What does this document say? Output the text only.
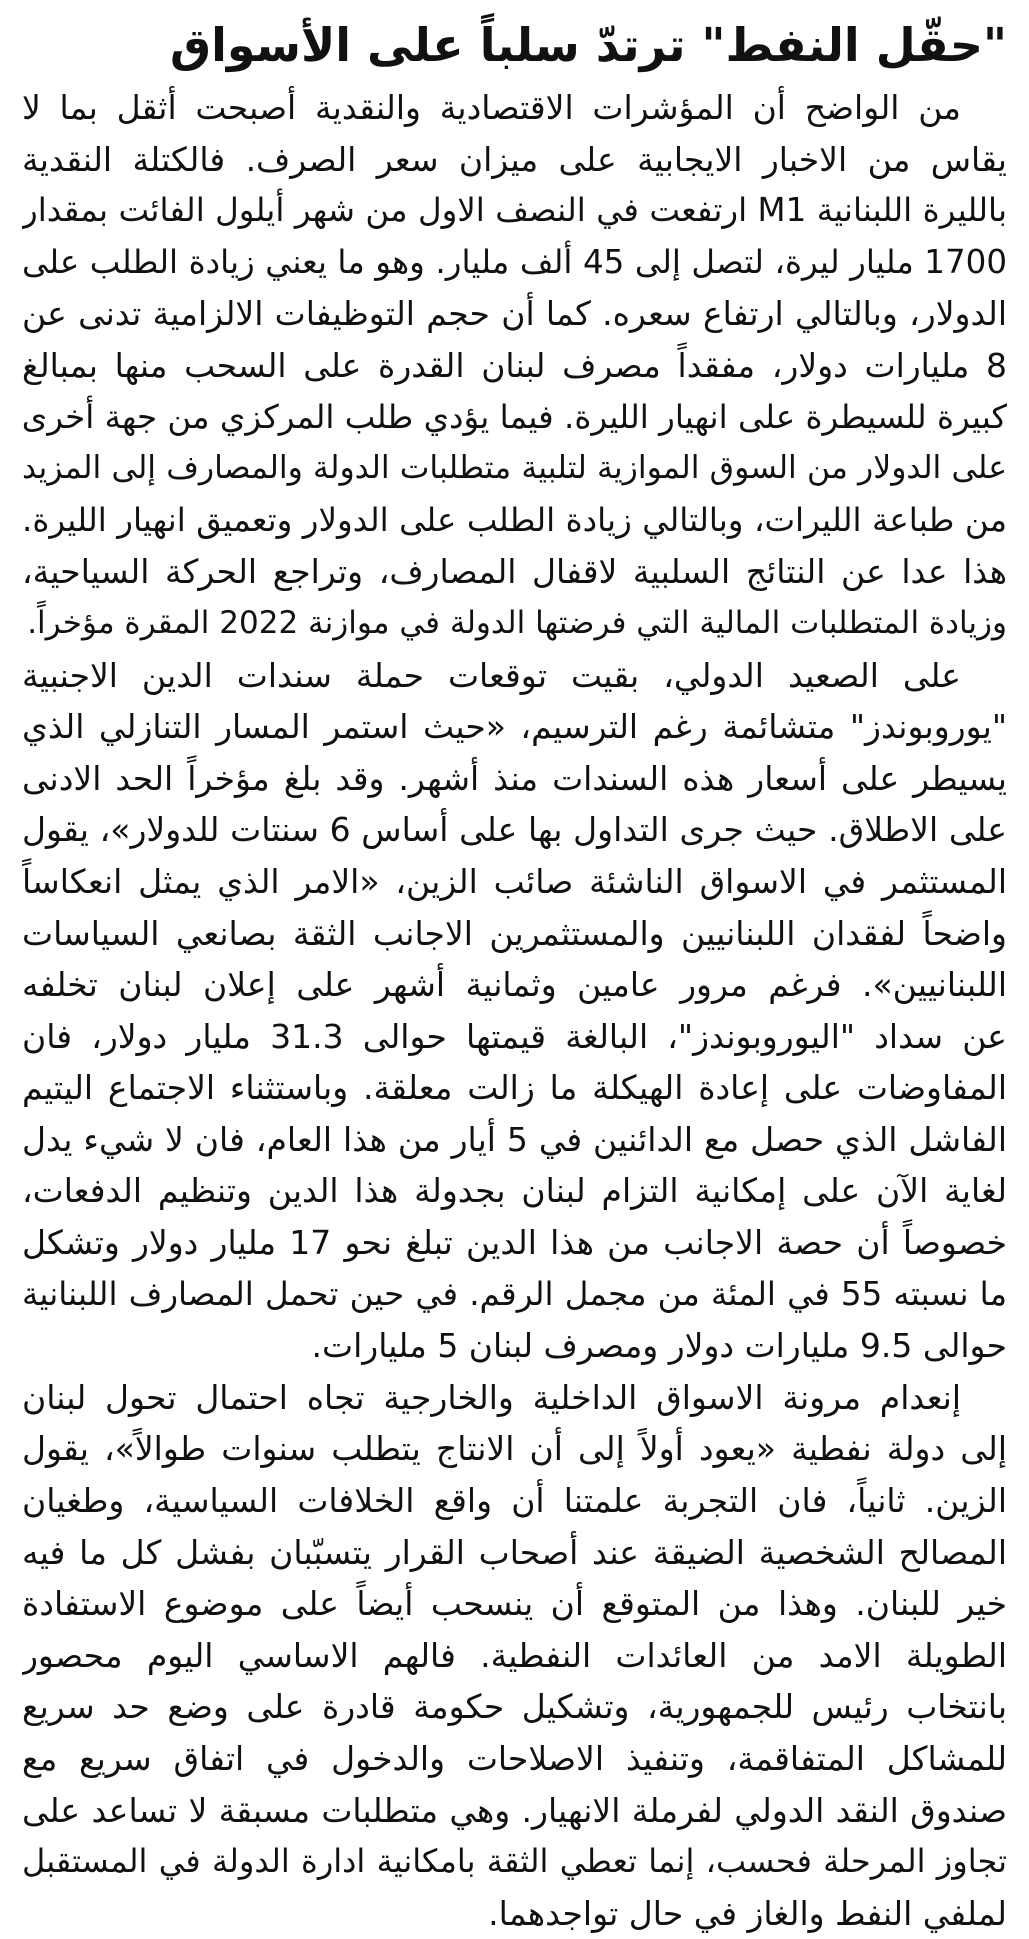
"حقّل النفط" ترتدّ سلباً على الأسواق
من الواضح أن المؤشرات الاقتصادية والنقدية أصبحت أثقل بما لا
يقاس من الاخبار الايجابية على ميزان سعر الصرف. فالكتلة النقدية
بالليرة اللبنانية M1 ارتفعت في النصف الاول من شهر أيلول الفائت بمقدار
1700 مليار ليرة، لتصل إلى 45 ألف مليار. وهو ما يعني زيادة الطلب على
الدولار، وبالتالي ارتفاع سعره. كما أن حجم التوظيفات الالزامية تدنى عن
8 مليارات دولار، مفقداً مصرف لبنان القدرة على السحب منها بمبالغ
كبيرة للسيطرة على انهيار الليرة. فيما يؤدي طلب المركزي من جهة أخرى
على الدولار من السوق الموازية لتلبية متطلبات الدولة والمصارف إلى المزيد
من طباعة الليرات، وبالتالي زيادة الطلب على الدولار وتعميق انهيار الليرة.
هذا عدا عن النتائج السلبية لاقفال المصارف، وتراجع الحركة السياحية،
وزيادة المتطلبات المالية التي فرضتها الدولة في موازنة 2022 المقرة مؤخراً.
على الصعيد الدولي، بقيت توقعات حملة سندات الدين الاجنبية
"يوروبوندز" متشائمة رغم الترسيم، «حيث استمر المسار التنازلي الذي
يسيطر على أسعار هذه السندات منذ أشهر. وقد بلغ مؤخراً الحد الادنى
على الاطلاق. حيث جرى التداول بها على أساس 6 سنتات للدولار»، يقول
المستثمر في الاسواق الناشئة صائب الزين، «الامر الذي يمثل انعكاساً
واضحاً لفقدان اللبنانيين والمستثمرين الاجانب الثقة بصانعي السياسات
اللبنانيين». فرغم مرور عامين وثمانية أشهر على إعلان لبنان تخلفه
عن سداد "اليوروبوندز"، البالغة قيمتها حوالى 31.3 مليار دولار، فان
المفاوضات على إعادة الهيكلة ما زالت معلقة. وباستثناء الاجتماع اليتيم
الفاشل الذي حصل مع الدائنين في 5 أيار من هذا العام، فان لا شيء يدل
لغاية الآن على إمكانية التزام لبنان بجدولة هذا الدين وتنظيم الدفعات،
خصوصاً أن حصة الاجانب من هذا الدين تبلغ نحو 17 مليار دولار وتشكل
ما نسبته 55 في المئة من مجمل الرقم. في حين تحمل المصارف اللبنانية
حوالى 9.5 مليارات دولار ومصرف لبنان 5 مليارات.
إنعدام مرونة الاسواق الداخلية والخارجية تجاه احتمال تحول لبنان
إلى دولة نفطية «يعود أولاً إلى أن الانتاج يتطلب سنوات طوالاً»، يقول
الزين. ثانياً، فان التجربة علمتنا أن واقع الخلافات السياسية، وطغيان
المصالح الشخصية الضيقة عند أصحاب القرار يتسبّبان بفشل كل ما فيه
خير للبنان. وهذا من المتوقع أن ينسحب أيضاً على موضوع الاستفادة
الطويلة الامد من العائدات النفطية. فالهم الاساسي اليوم محصور
بانتخاب رئيس للجمهورية، وتشكيل حكومة قادرة على وضع حد سريع
للمشاكل المتفاقمة، وتنفيذ الاصلاحات والدخول في اتفاق سريع مع
صندوق النقد الدولي لفرملة الانهيار. وهي متطلبات مسبقة لا تساعد على
تجاوز المرحلة فحسب، إنما تعطي الثقة بامكانية ادارة الدولة في المستقبل
لملفي النفط والغاز في حال تواجدهما.
